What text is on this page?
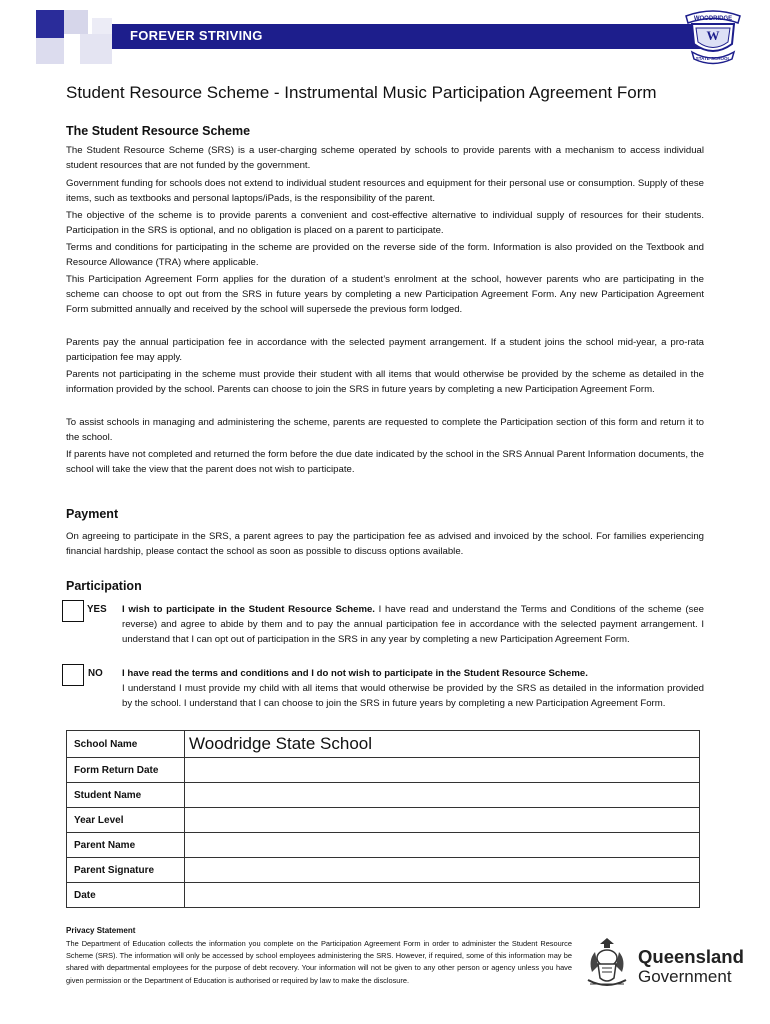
FOREVER STRIVING
WOODRIDGE
W
STATE SCHOOL
Student Resource Scheme - Instrumental Music Participation Agreement Form
The Student Resource Scheme

The Student Resource Scheme (SRS) is a user-charging scheme operated by schools to provide parents with a mechanism to access individual student resources that are not funded by the government.

Government funding for schools does not extend to individual student resources and equipment for their personal use or consumption. Supply of these items, such as textbooks and personal laptops/iPads, is the responsibility of the parent.

The objective of the scheme is to provide parents a convenient and cost-effective alternative to individual supply of resources for their students. Participation in the SRS is optional, and no obligation is placed on a parent to participate.

Terms and conditions for participating in the scheme are provided on the reverse side of the form. Information is also provided on the Textbook and Resource Allowance (TRA) where applicable.

This Participation Agreement Form applies for the duration of a student’s enrolment at the school, however parents who are participating in the scheme can choose to opt out from the SRS in future years by completing a new Participation Agreement Form. Any new Participation Agreement Form submitted annually and received by the school will supersede the previous form lodged.

Parents pay the annual participation fee in accordance with the selected payment arrangement. If a student joins the school mid-year, a pro-rata participation fee may apply.

Parents not participating in the scheme must provide their student with all items that would otherwise be provided by the scheme as detailed in the information provided by the school. Parents can choose to join the SRS in future years by completing a new Participation Agreement Form.

To assist schools in managing and administering the scheme, parents are requested to complete the Participation section of this form and return it to the school.

If parents have not completed and returned the form before the due date indicated by the school in the SRS Annual Parent Information documents, the school will take the view that the parent does not wish to participate.

Payment

On agreeing to participate in the SRS, a parent agrees to pay the participation fee as advised and invoiced by the school. For families experiencing financial hardship, please contact the school as soon as possible to discuss options available.

Participation
YES I wish to participate in the Student Resource Scheme. I have read and understand the Terms and Conditions of the scheme (see reverse) and agree to abide by them and to pay the annual participation fee in accordance with the selected payment arrangement. I understand that I can opt out of participation in the SRS in any year by completing a new Participation Agreement Form.

NO I have read the terms and conditions and I do not wish to participate in the Student Resource Scheme.
I understand I must provide my child with all items that would otherwise be provided by the SRS as detailed in the information provided by the school. I understand that I can choose to join the SRS in future years by completing a new Participation Agreement Form.

School Name	Woodridge State School
Form Return Date	
Student Name	
Year Level	
Parent Name	
Parent Signature	
Date	
Privacy Statement

The Department of Education collects the information you complete on the Participation Agreement Form in order to administer the Student Resource Scheme (SRS). The information will only be accessed by school employees administering the SRS. However, if required, some of this information may be shared with departmental employees for the purpose of debt recovery. Your information will not be given to any other person or agency unless you have given permission or the Department of Education is authorised or required by law to make the disclosure.

Queensland
Government
